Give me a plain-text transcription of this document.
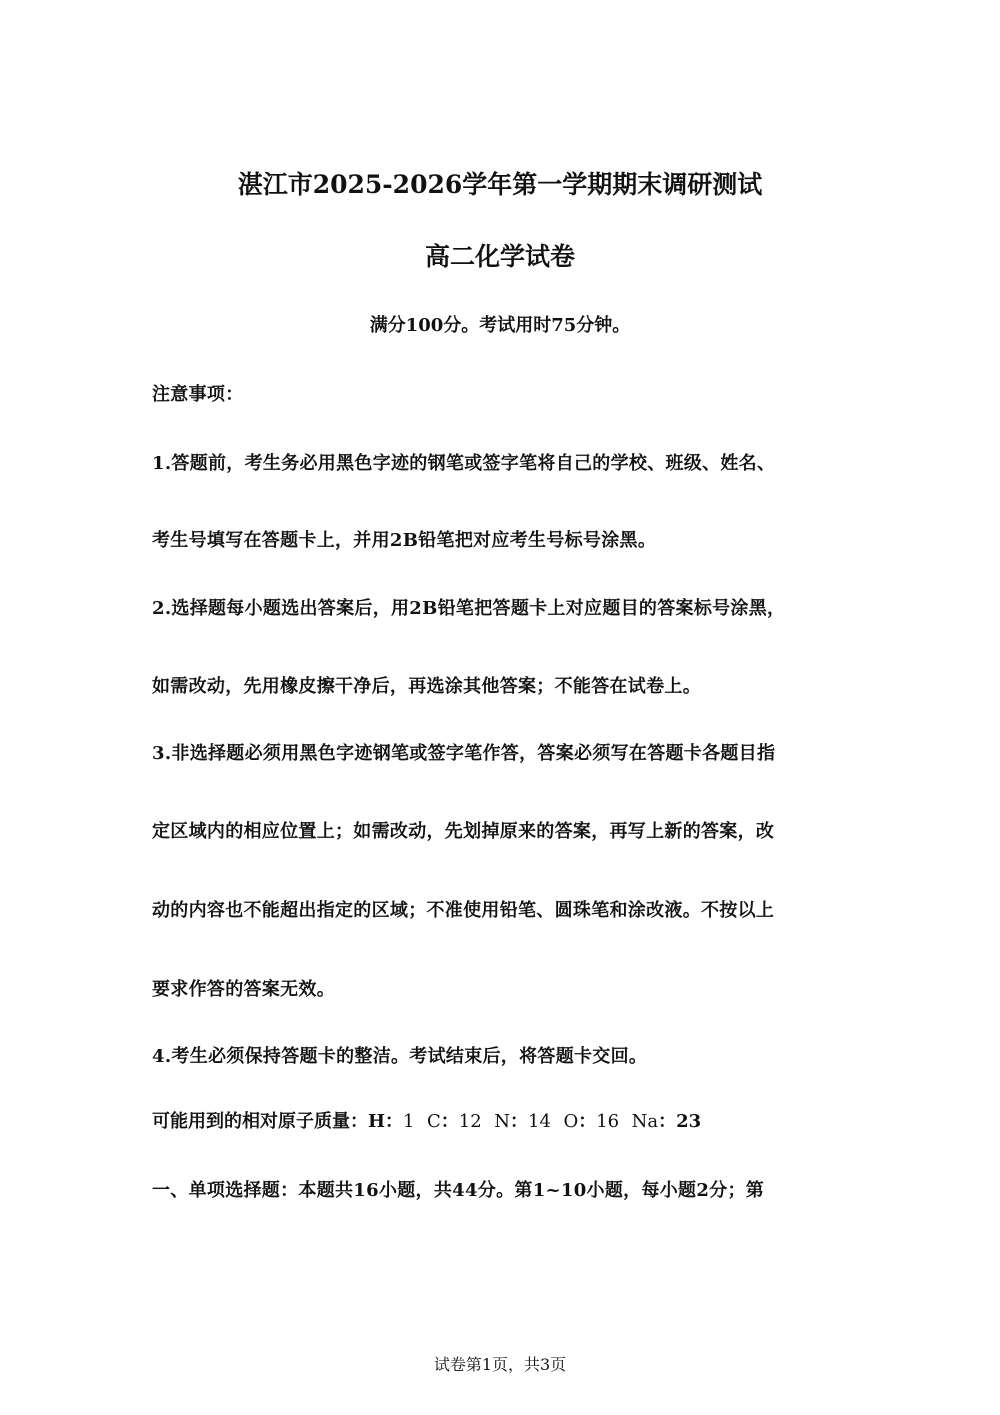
湛江市2025-2026学年第一学期期末调研测试
高二化学试卷
满分100分。考试用时75分钟。
注意事项：
1.答题前，考生务必用黑色字迹的钢笔或签字笔将自己的学校、班级、姓名、
考生号填写在答题卡上，并用2B铅笔把对应考生号标号涂黑。
2.选择题每小题选出答案后，用2B铅笔把答题卡上对应题目的答案标号涂黑，
如需改动，先用橡皮擦干净后，再选涂其他答案；不能答在试卷上。
3.非选择题必须用黑色字迹钢笔或签字笔作答，答案必须写在答题卡各题目指
定区域内的相应位置上；如需改动，先划掉原来的答案，再写上新的答案，改
动的内容也不能超出指定的区域；不准使用铅笔、圆珠笔和涂改液。不按以上
要求作答的答案无效。
4.考生必须保持答题卡的整洁。考试结束后，将答题卡交回。
可能用到的相对原子质量：H：1 C：12 N：14 O：16 Na：23
一、单项选择题：本题共16小题，共44分。第1~10小题，每小题2分；第
试卷第1页，共3页
